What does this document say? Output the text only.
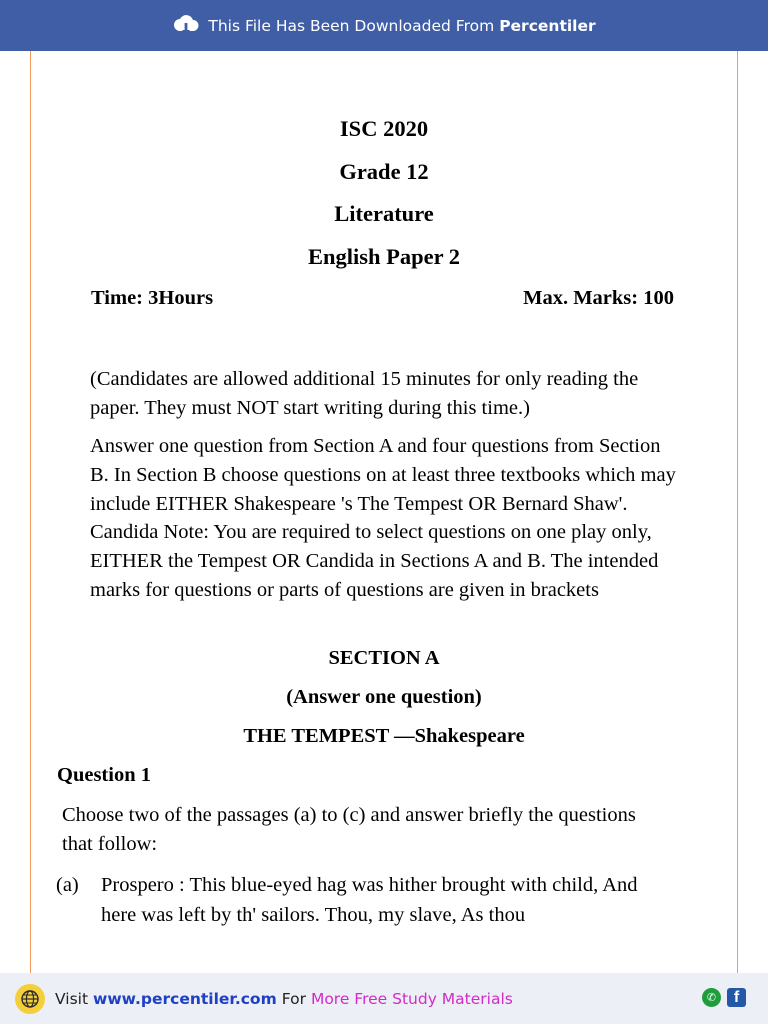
This File Has Been Downloaded From Percentiler
ISC 2020
Grade 12
Literature
English Paper 2
Time: 3Hours	Max. Marks: 100

(Candidates are allowed additional 15 minutes for only reading the paper. They must NOT start writing during this time.)

Answer one question from Section A and four questions from Section B. In Section B choose questions on at least three textbooks which may include EITHER Shakespeare 's The Tempest OR Bernard Shaw'. Candida Note: You are required to select questions on one play only, EITHER the Tempest OR Candida in Sections A and B. The intended marks for questions or parts of questions are given in brackets

SECTION A
(Answer one question)
THE TEMPEST —Shakespeare
Question 1

Choose two of the passages (a) to (c) and answer briefly the questions that follow:

(a)	Prospero : This blue-eyed hag was hither brought with child, And here was left by th' sailors. Thou, my slave, As thou
Visit www.percentiler.com For More Free Study Materials	✆	f
